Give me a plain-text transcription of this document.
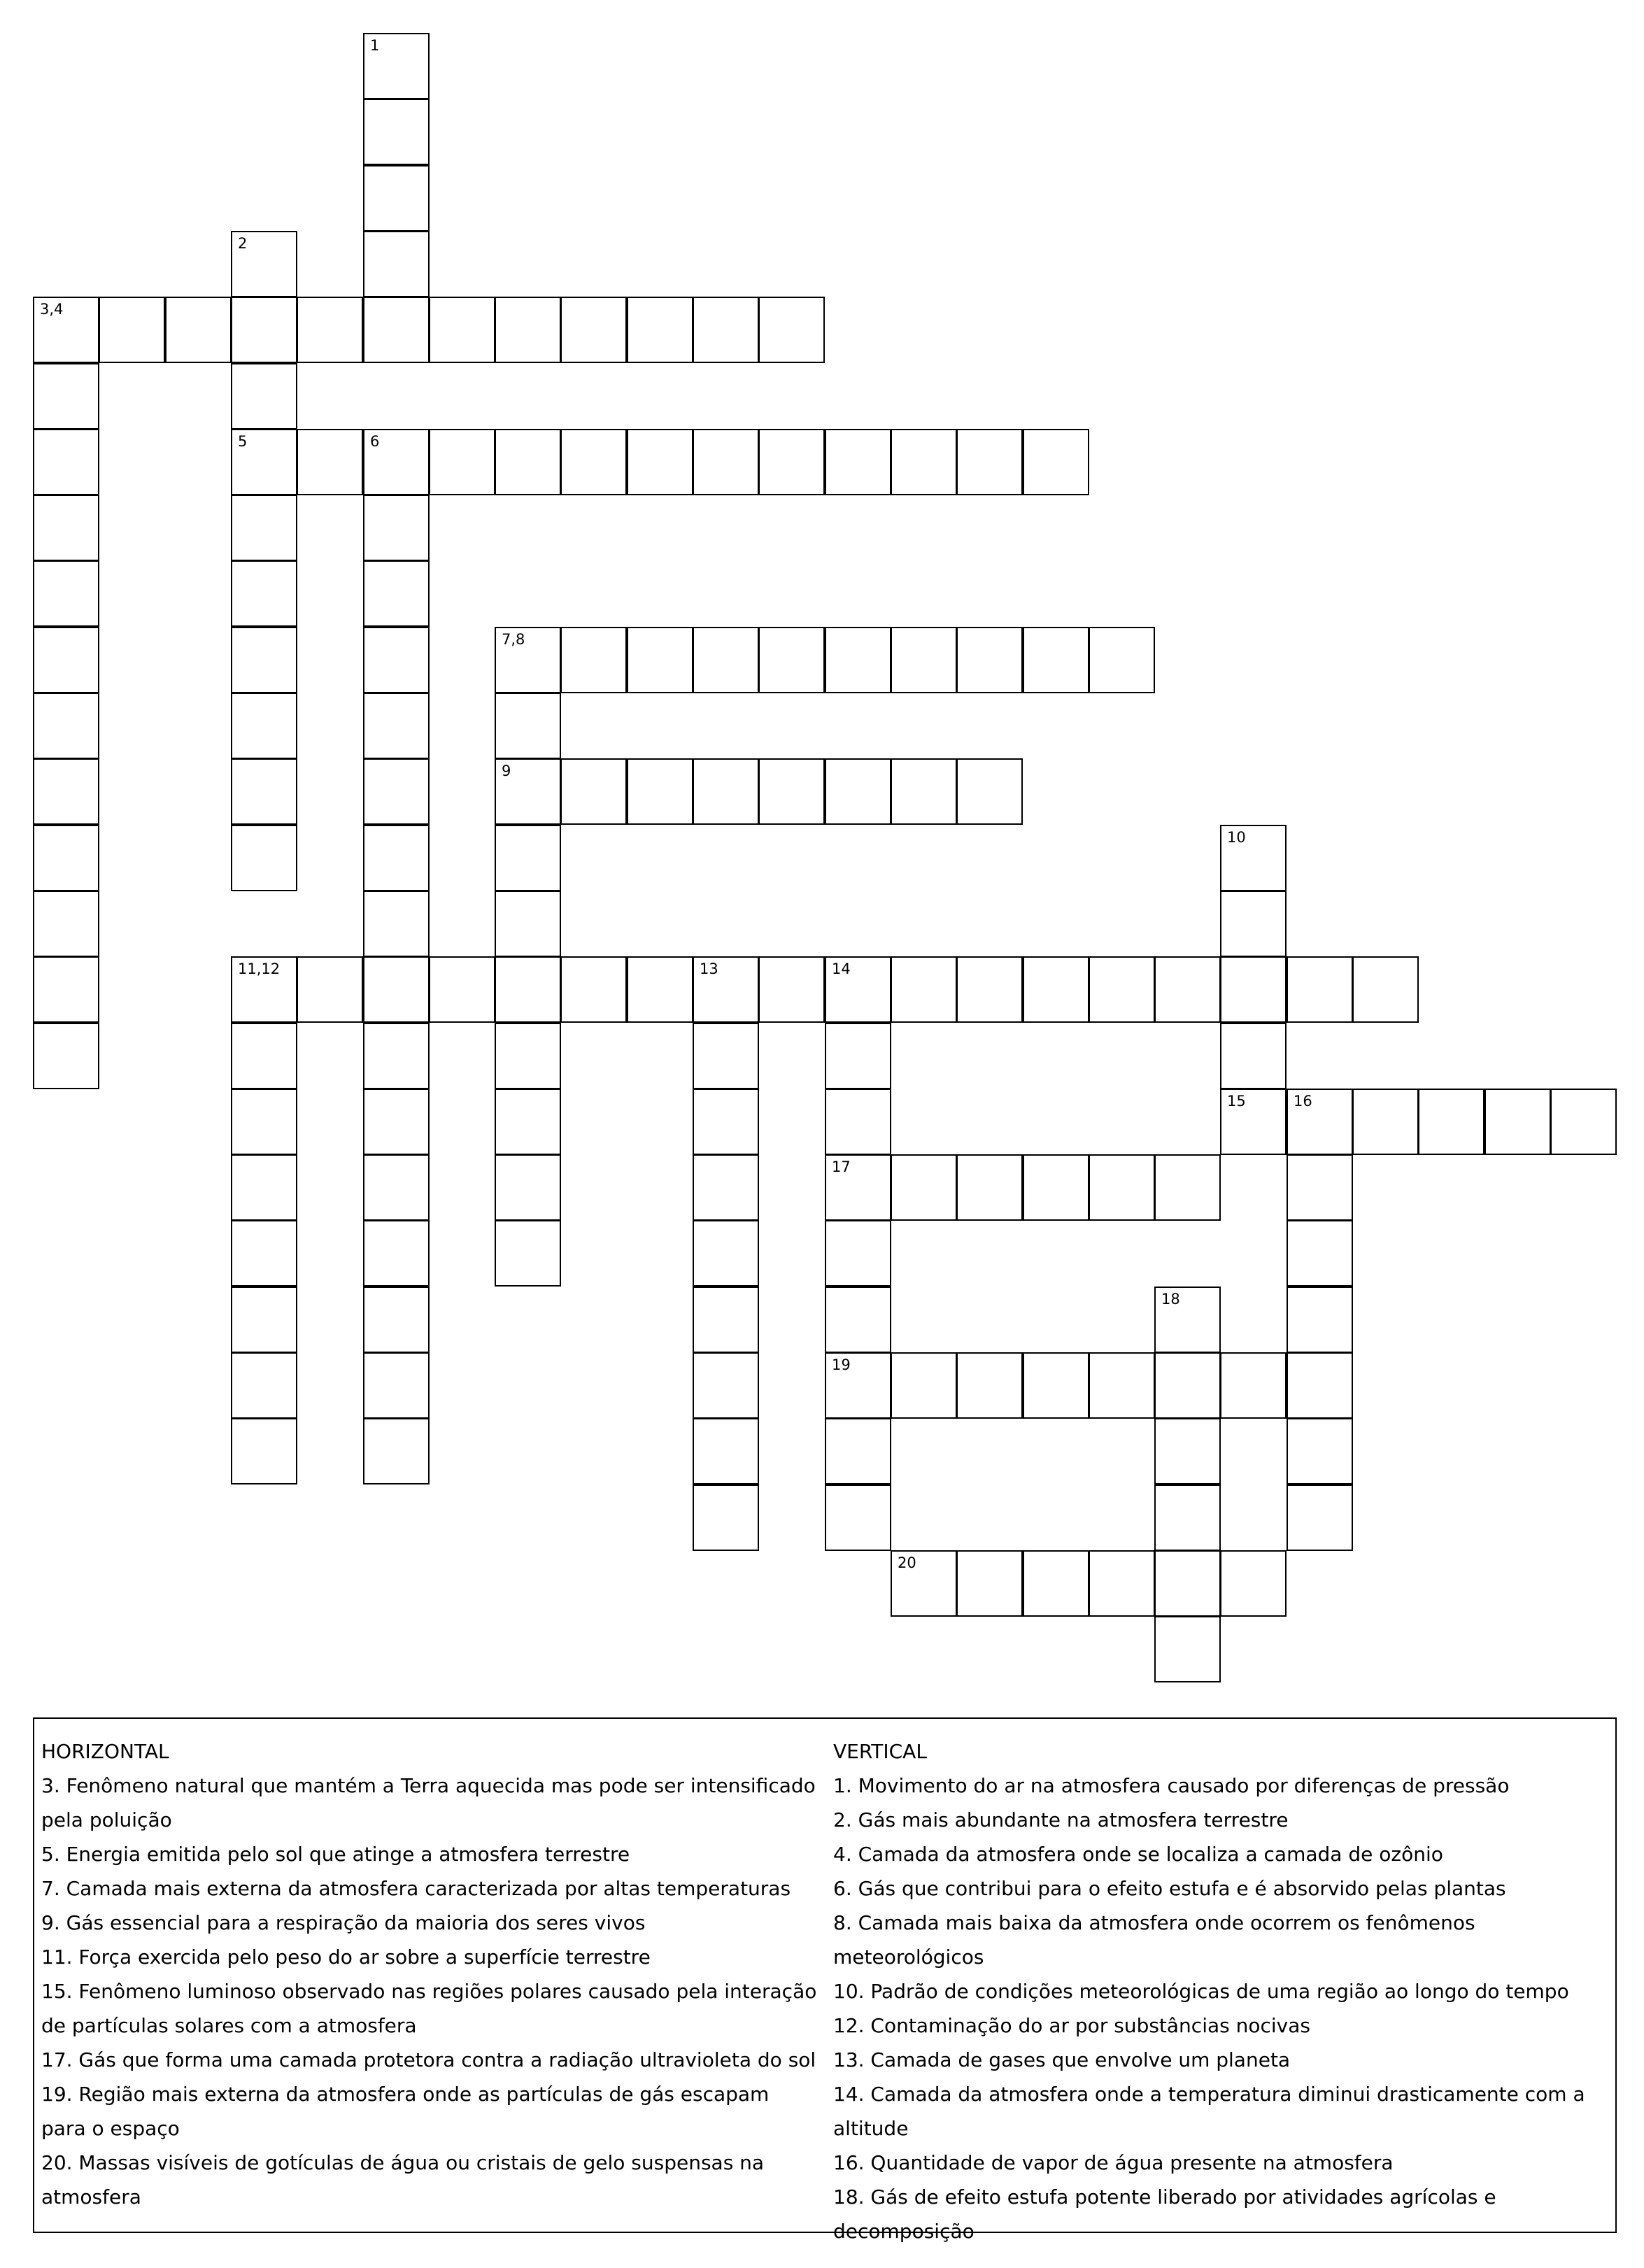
1
2
3,4
5	6
7,8
9
10
11,12	13	14
15	16
17
18
19
20
HORIZONTAL
3. Fenômeno natural que mantém a Terra aquecida mas pode ser intensificado pela poluição
5. Energia emitida pelo sol que atinge a atmosfera terrestre
7. Camada mais externa da atmosfera caracterizada por altas temperaturas
9. Gás essencial para a respiração da maioria dos seres vivos
11. Força exercida pelo peso do ar sobre a superfície terrestre
15. Fenômeno luminoso observado nas regiões polares causado pela interação de partículas solares com a atmosfera
17. Gás que forma uma camada protetora contra a radiação ultravioleta do sol
19. Região mais externa da atmosfera onde as partículas de gás escapam para o espaço
20. Massas visíveis de gotículas de água ou cristais de gelo suspensas na atmosfera
VERTICAL
1. Movimento do ar na atmosfera causado por diferenças de pressão
2. Gás mais abundante na atmosfera terrestre
4. Camada da atmosfera onde se localiza a camada de ozônio
6. Gás que contribui para o efeito estufa e é absorvido pelas plantas
8. Camada mais baixa da atmosfera onde ocorrem os fenômenos meteorológicos
10. Padrão de condições meteorológicas de uma região ao longo do tempo
12. Contaminação do ar por substâncias nocivas
13. Camada de gases que envolve um planeta
14. Camada da atmosfera onde a temperatura diminui drasticamente com a altitude
16. Quantidade de vapor de água presente na atmosfera
18. Gás de efeito estufa potente liberado por atividades agrícolas e decomposição
